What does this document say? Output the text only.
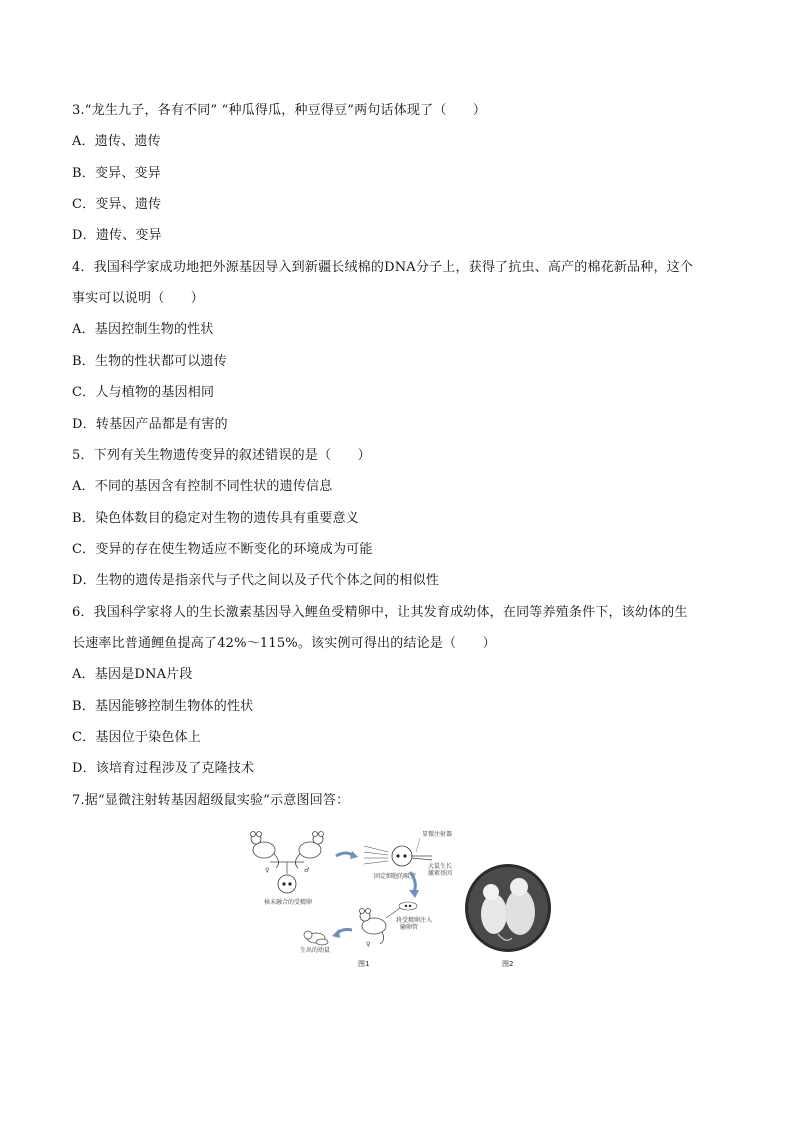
3.“龙生九子，各有不同” “种瓜得瓜，种豆得豆”两句话体现了（　　）
A．遗传、遗传
B．变异、变异
C．变异、遗传
D．遗传、变异
4．我国科学家成功地把外源基因导入到新疆长绒棉的DNA分子上，获得了抗虫、高产的棉花新品种，这个
事实可以说明（　　）
A．基因控制生物的性状
B．生物的性状都可以遗传
C．人与植物的基因相同
D．转基因产品都是有害的
5．下列有关生物遗传变异的叙述错误的是（　　）
A．不同的基因含有控制不同性状的遗传信息
B．染色体数目的稳定对生物的遗传具有重要意义
C．变异的存在使生物适应不断变化的环境成为可能
D．生物的遗传是指亲代与子代之间以及子代个体之间的相似性
6．我国科学家将人的生长激素基因导入鲤鱼受精卵中，让其发育成幼体，在同等养殖条件下，该幼体的生
长速率比普通鲤鱼提高了42%～115%。该实例可得出的结论是（　　）
A．基因是DNA片段
B．基因能够控制生物体的性状
C．基因位于染色体上
D．该培育过程涉及了克隆技术
7.据“显微注射转基因超级鼠实验”示意图回答：
♀	♂
核未融合的受精卵
固定细胞的吸管
显微注射器
大鼠生长
激素基因
♀
将受精卵注入
输卵管
生出的幼鼠
图1	图2
